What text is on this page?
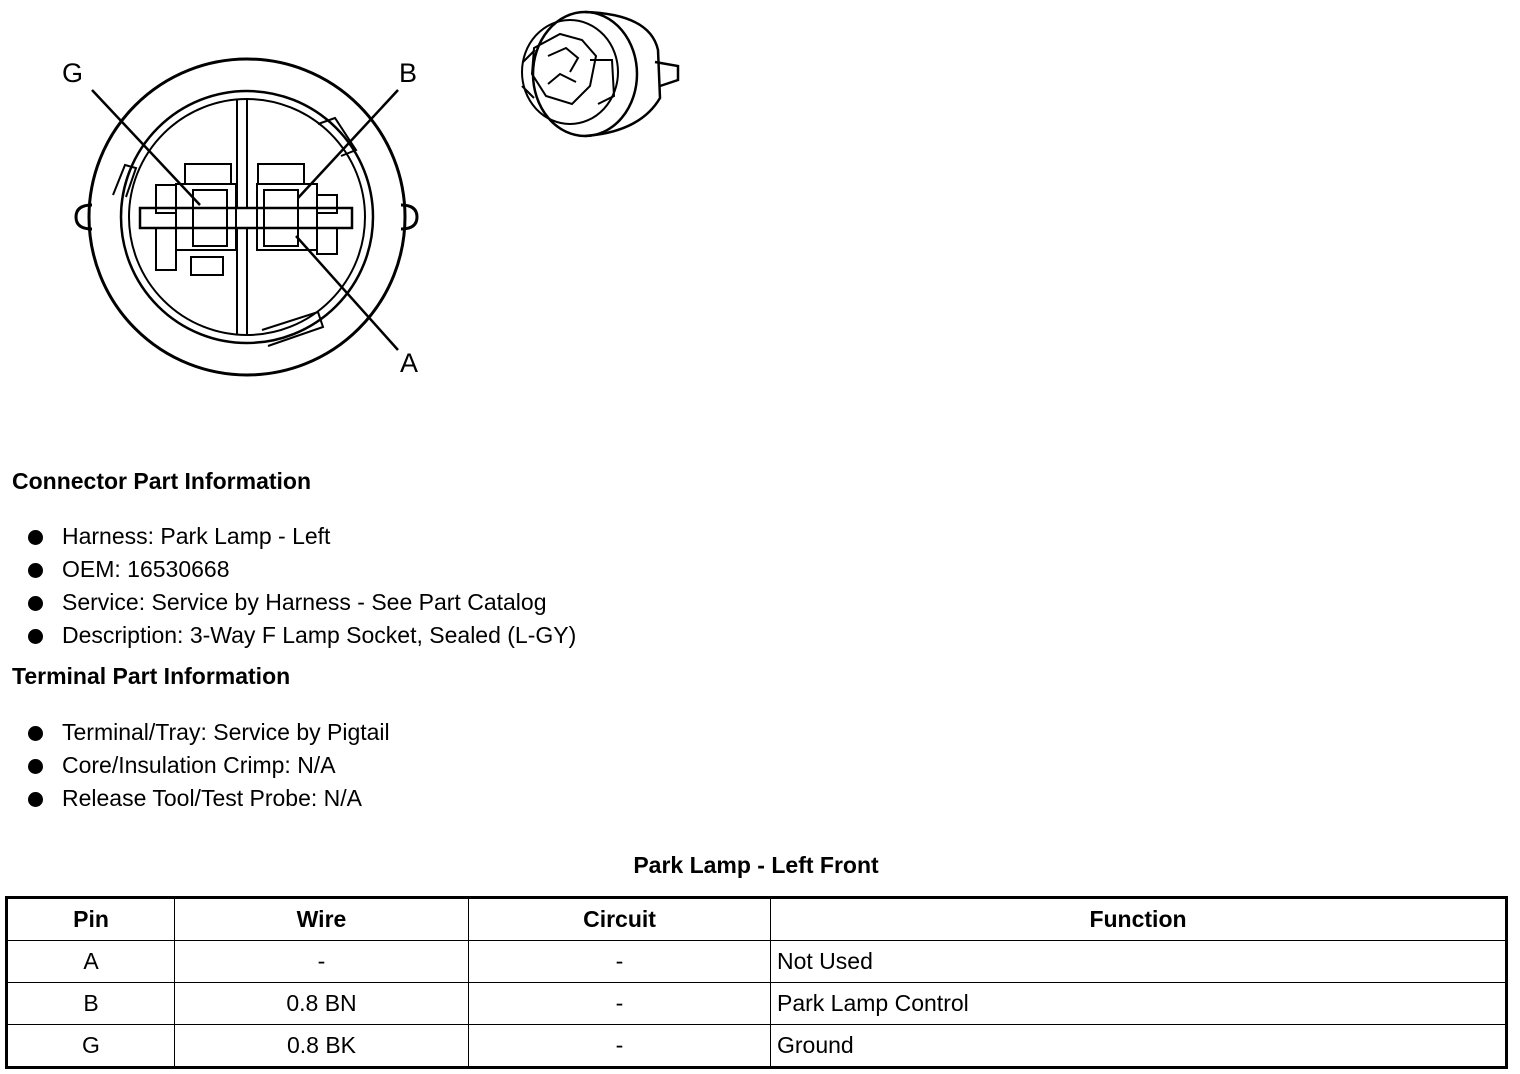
G	B
A
Connector Part Information
Harness: Park Lamp - Left
OEM: 16530668
Service: Service by Harness - See Part Catalog
Description: 3-Way F Lamp Socket, Sealed (L-GY)
Terminal Part Information
Terminal/Tray: Service by Pigtail
Core/Insulation Crimp: N/A
Release Tool/Test Probe: N/A
Park Lamp - Left Front
Pin	Wire	Circuit	Function
A	-	-	Not Used
B	0.8 BN	-	Park Lamp Control
G	0.8 BK	-	Ground
